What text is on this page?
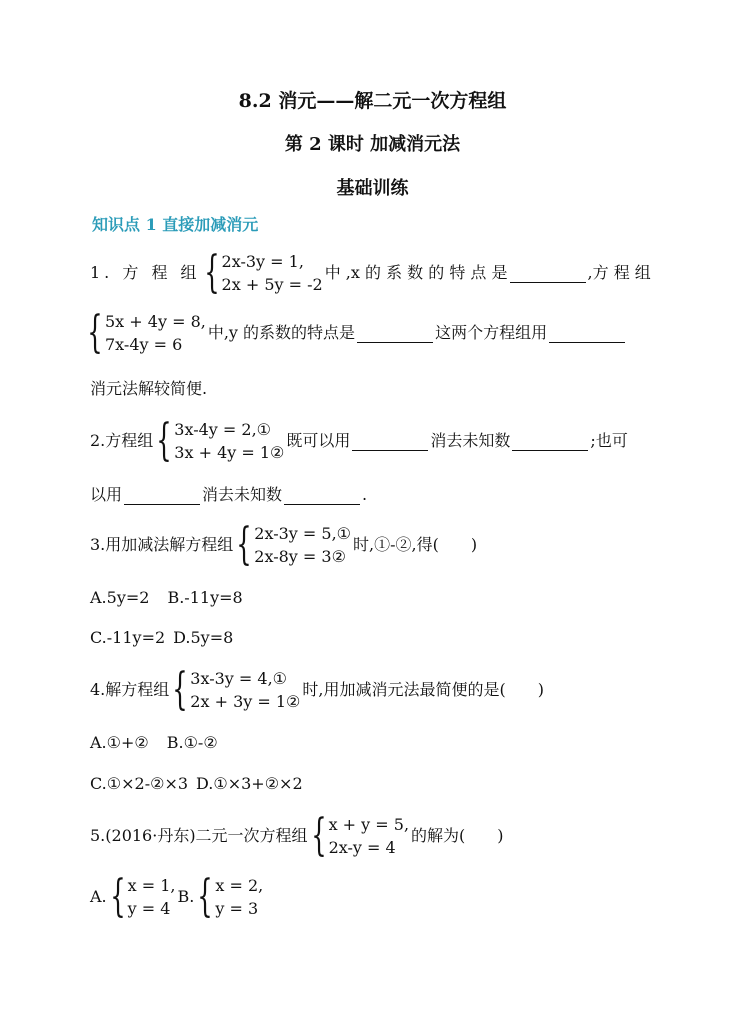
8.2 消元——解二元一次方程组
第 2 课时 加减消元法
基础训练
知识点 1 直接加减消元
1. 方 程 组 { 2x-3y = 1,
2x + 5y = -2
中 ,x 的 系 数 的 特 点 是	,方 程 组
{ 5x + 4y = 8,
7x-4y = 6
中,y 的系数的特点是	这两个方程组用
消元法解较简便.
2.方程组 { 3x-4y = 2,①
3x + 4y = 1②
既可以用	消去未知数	;也可
以用	消去未知数	.
3.用加减法解方程组 { 2x-3y = 5,①
2x-8y = 3②
时,①-②,得(　　)
A.5y=2 B.-11y=8
C.-11y=2 D.5y=8
4.解方程组 { 3x-3y = 4,①
2x + 3y = 1②
时,用加减消元法最简便的是(　　)
A.①+② B.①-②
C.①×2-②×3 D.①×3+②×2
5.(2016·丹东)二元一次方程组 { x + y = 5,
2x-y = 4
的解为(　　)
A. { x = 1,
y = 4
B. { x = 2,
y = 3
